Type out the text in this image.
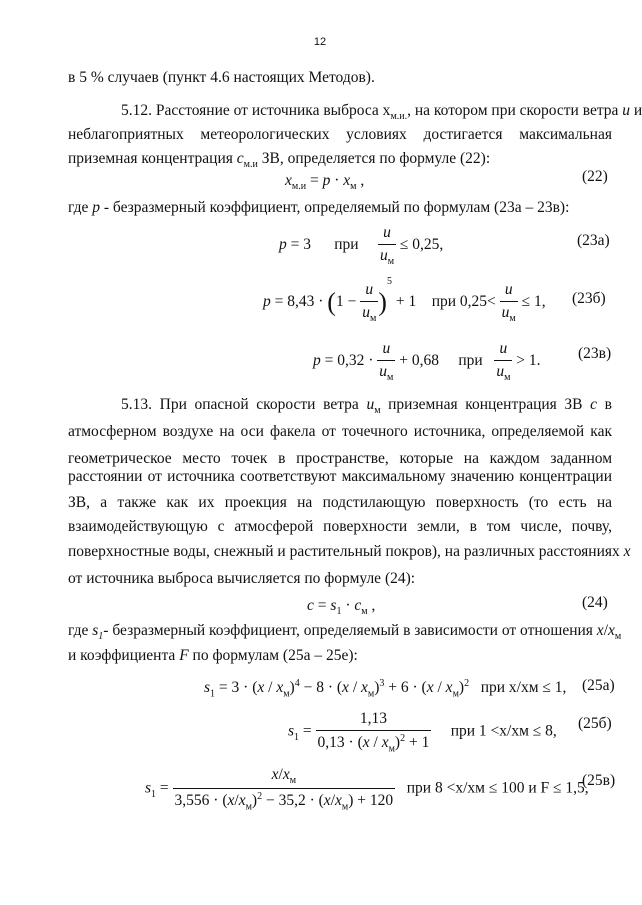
12
в 5 % случаев (пункт 4.6 настоящих Методов).
5.12. Расстояние от источника выброса $x_{м.и.}$, на котором при скорости ветра u и
неблагоприятных метеорологических условиях достигается максимальная
приземная концентрация $c_{м.и}$ ЗВ, определяется по формуле (22):
$x_{м.и} = p \cdot x_м$ ,	(22)
где p - безразмерный коэффициент, определяемый по формулам (23а – 23в):
p = 3      при $\frac{u}{u_м} \le 0,25$,	(23а)
$p = 8,43 \cdot (1 - \frac{u}{u_м} )^5 + 1$    при $0,25< \frac{u}{u_м} \le 1$, (23б)
$p = 0,32 \cdot \frac{u}{u_м} + 0,68$     при $\frac{u}{u_м} > 1$. (23в)
5.13. При опасной скорости ветра $u_м$ приземная концентрация ЗВ c в
атмосферном воздухе на оси факела от точечного источника, определяемой как
геометрическое место точек в пространстве, которые на каждом заданном
расстоянии от источника соответствуют максимальному значению концентрации
ЗВ, а также как их проекция на подстилающую поверхность (то есть на
взаимодействующую с атмосферой поверхности земли, в том числе, почву,
поверхностные воды, снежный и растительный покров), на различных расстояниях x
от источника выброса вычисляется по формуле (24):
$c = s_1 \cdot c_м$ ,	(24)
где $s_1-$ безразмерный коэффициент, определяемый в зависимости от отношения $x/x_м$
и коэффициента F по формулам (25а – 25е):
$s_1 = 3 \cdot (x / x_м)^4 - 8 \cdot (x / x_м)^3 + 6 \cdot (x / x_м)^2$ при x/xм ≤ 1, (25а)
$s_1 = \frac{1,13}{0,13 \cdot (x / x_м)^2 + 1}$ при 1 <x/xм ≤ 8, (25б)
$s_1 = \frac{x/x_м}{3,556 \cdot (x/x_м)^2 - 35,2 \cdot (x/x_м) + 120}$ при 8 <x/xм ≤ 100 и F ≤ 1,5,
(25в)
